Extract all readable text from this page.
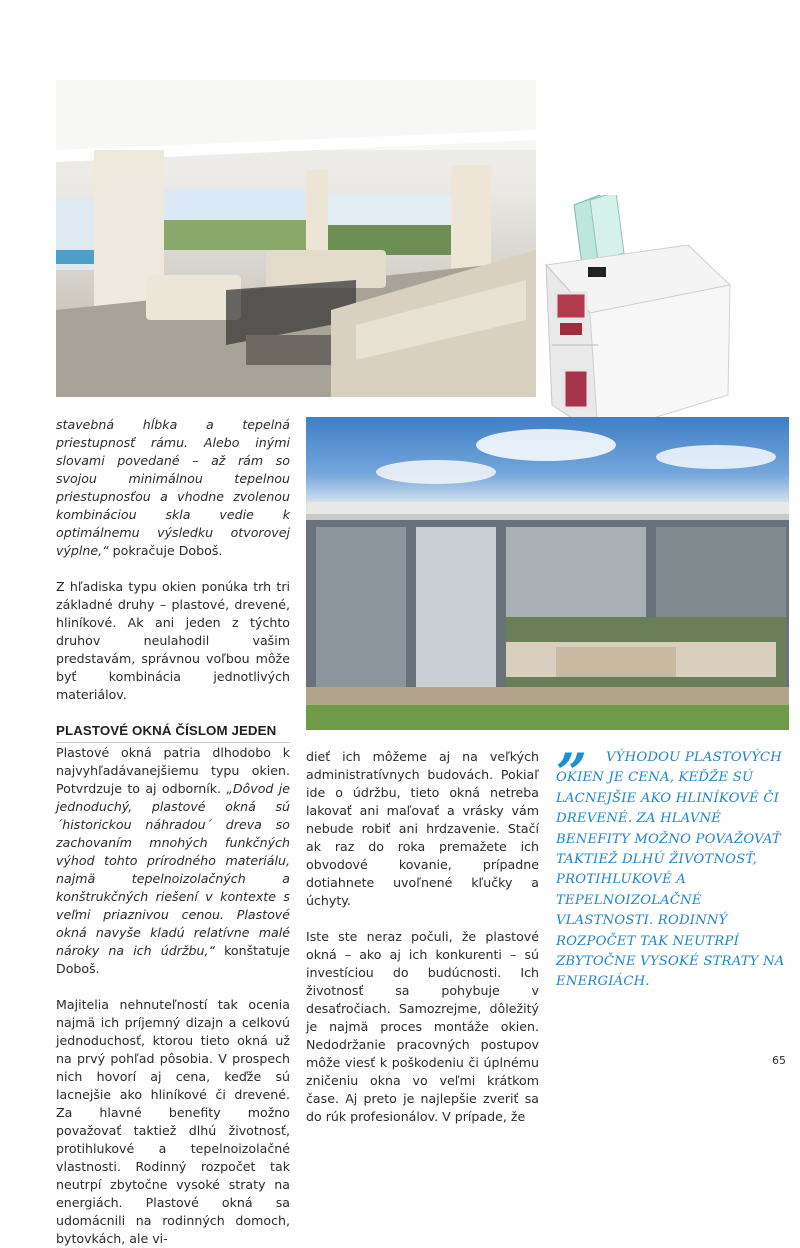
stavebná hĺbka a tepelná priestupnosť rámu. Alebo inými slovami povedané – až rám so svojou minimálnou tepelnou priestupnosťou a vhodne zvolenou kombináciou skla vedie k optimálnemu výsledku otvorovej výplne,“ pokračuje Doboš.

Z hľadiska typu okien ponúka trh tri základné druhy – plastové, drevené, hliníkové. Ak ani jeden z týchto druhov neulahodil vašim predstavám, správnou voľbou môže byť kombinácia jednotlivých materiálov.

PLASTOVÉ OKNÁ ČÍSLOM JEDEN

Plastové okná patria dlhodobo k najvyhľadávanejšiemu typu okien. Potvrdzuje to aj odborník. „Dôvod je jednoduchý, plastové okná sú ´historickou náhradou´ dreva so zachovaním mnohých funkčných výhod tohto prírodného materiálu, najmä tepelnoizolačných a konštrukčných riešení v kontexte s veľmi priaznivou cenou. Plastové okná navyše kladú relatívne malé nároky na ich údržbu,“ konštatuje Doboš.

Majitelia nehnuteľností tak ocenia najmä ich príjemný dizajn a celkovú jednoduchosť, ktorou tieto okná už na prvý pohľad pôsobia. V prospech nich hovorí aj cena, keďže sú lacnejšie ako hliníkové či drevené. Za hlavné benefity možno považovať taktiež dlhú životnosť, protihlukové a tepelnoizolačné vlastnosti. Rodinný rozpočet tak neutrpí zbytočne vysoké straty na energiách. Plastové okná sa udomácnili na rodinných domoch, bytovkách, ale vi-

dieť ich môžeme aj na veľkých administratívnych budovách. Pokiaľ ide o údržbu, tieto okná netreba lakovať ani maľovať a vrásky vám nebude robiť ani hrdzavenie. Stačí ak raz do roka premažete ich obvodové kovanie, prípadne dotiahnete uvoľnené kľučky a úchyty.

Iste ste neraz počuli, že plastové okná – ako aj ich konkurenti – sú investíciou do budúcnosti. Ich životnosť sa pohybuje v desaťročiach. Samozrejme, dôležitý je najmä proces montáže okien. Nedodržanie pracovných postupov môže viesť k poškodeniu či úplnému zničeniu okna vo veľmi krátkom čase. Aj preto je najlepšie zveriť sa do rúk profesionálov. V prípade, že

”	VÝHODOU PLASTOVÝCH OKIEN JE CENA, KEĎŽE SÚ LACNEJŠIE AKO HLINÍKOVÉ ČI DREVENÉ. ZA HLAVNÉ BENEFITY MOŽNO POVAŽOVAŤ TAKTIEŽ DLHÚ ŽIVOTNOSŤ, PROTIHLUKOVÉ A TEPELNOIZOLAČNÉ VLASTNOSTI. RODINNÝ ROZPOČET TAK NEUTRPÍ ZBYTOČNE VYSOKÉ STRATY NA ENERGIÁCH.
65
